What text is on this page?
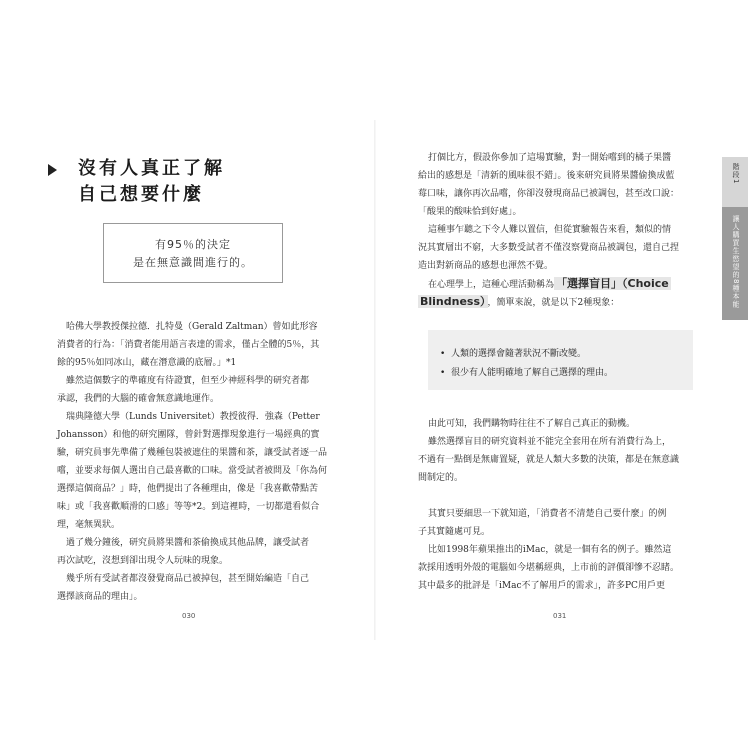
沒有人真正了解
自己想要什麼
有95％的決定
是在無意識間進行的。
哈佛大學教授傑拉德．扎特曼（Gerald Zaltman）曾如此形容
消費者的行為：「消費者能用語言表達的需求，僅占全體的5％，其
餘的95％如同冰山，藏在潛意識的底層。」*1
雖然這個數字的準確度有待證實，但至少神經科學的研究者都
承認，我們的大腦的確會無意識地運作。
瑞典隆德大學（Lunds Universitet）教授彼得．強森（Petter
Johansson）和他的研究團隊，曾針對選擇現象進行一場經典的實
驗，研究員事先準備了幾種包裝被遮住的果醬和茶，讓受試者逐一品
嚐，並要求每個人選出自己最喜歡的口味。當受試者被問及「你為何
選擇這個商品？」時，他們提出了各種理由，像是「我喜歡帶點苦
味」或「我喜歡順滑的口感」等等*2。到這裡時，一切都還看似合
理，毫無異狀。
過了幾分鐘後，研究員將果醬和茶偷換成其他品牌，讓受試者
再次試吃，沒想到卻出現令人玩味的現象。
幾乎所有受試者都沒發覺商品已被掉包，甚至開始編造「自己
選擇該商品的理由」。
030
打個比方，假設你參加了這場實驗，對一開始嚐到的橘子果醬
給出的感想是「清新的風味很不錯」。後來研究員將果醬偷換成藍
莓口味，讓你再次品嚐，你卻沒發現商品已被調包，甚至改口說：
「酸果的酸味恰到好處」。
這種事乍聽之下令人難以置信，但從實驗報告來看，類似的情
況其實層出不窮，大多數受試者不僅沒察覺商品被調包，還自己捏
造出對新商品的感想也渾然不覺。
在心理學上，這種心理活動稱為 「選擇盲目」（Choice
Blindness） ，簡單來說，就是以下2種現象：
•  人類的選擇會隨著狀況不斷改變。
•  很少有人能明確地了解自己選擇的理由。
由此可知，我們購物時往往不了解自己真正的動機。
雖然選擇盲目的研究資料並不能完全套用在所有消費行為上，
不過有一點倒是無庸置疑，就是人類大多數的決策，都是在無意識
間制定的。
其實只要細思一下就知道，「消費者不清楚自己要什麼」的例
子其實隨處可見。
比如1998年蘋果推出的iMac，就是一個有名的例子。雖然這
款採用透明外殼的電腦如今堪稱經典，上市前的評價卻慘不忍睹。
其中最多的批評是「iMac不了解用戶的需求」，許多PC用戶更
031
階段1
讓人購買生慾望的8種本能
